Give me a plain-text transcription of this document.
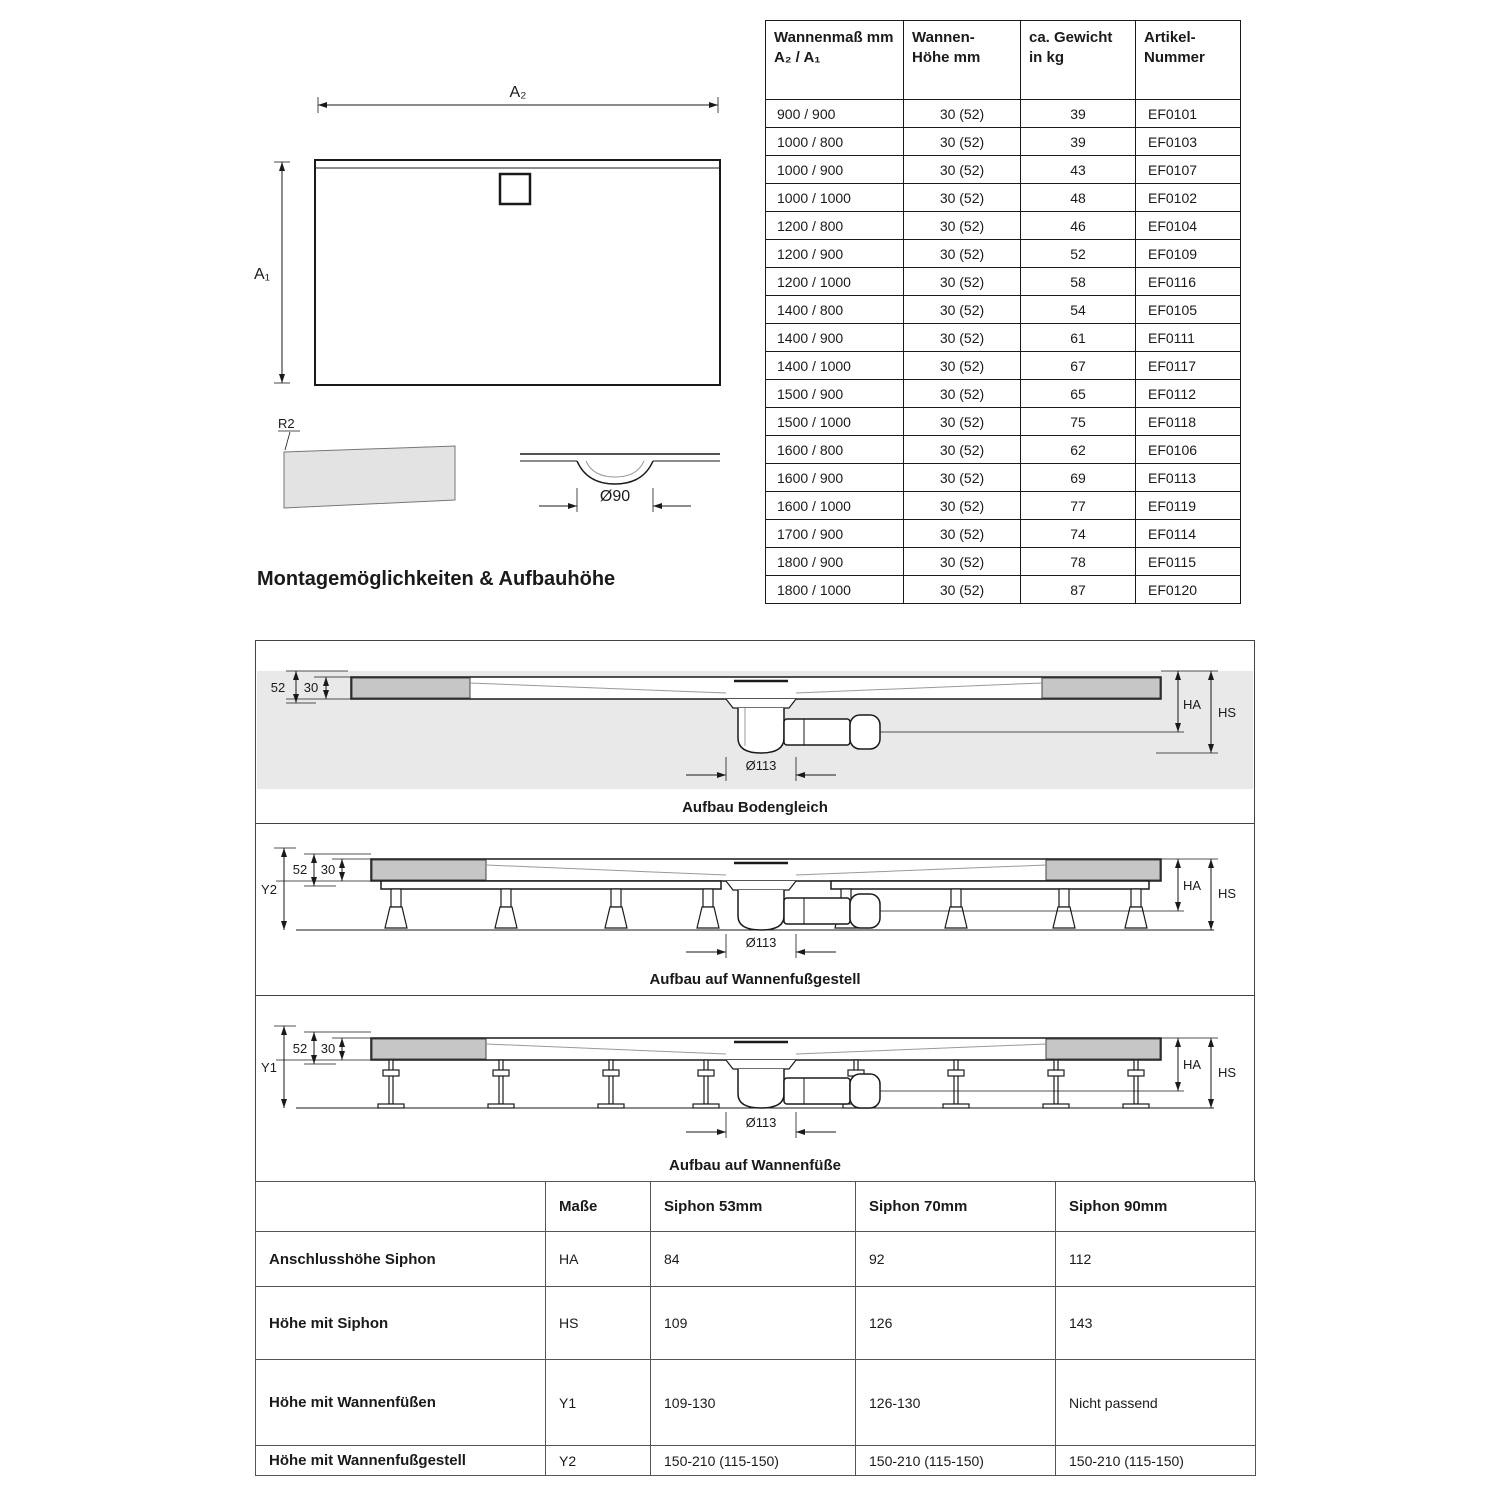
A₂
A₁
R2
Ø90
Montagemöglichkeiten & Aufbauhöhe
Wannenmaß mm A₂ / A₁	Wannen-Höhe mm	ca. Gewicht in kg	Artikel-Nummer
900 / 900	30 (52)	39	EF0101
1000 / 800	30 (52)	39	EF0103
1000 / 900	30 (52)	43	EF0107
1000 / 1000	30 (52)	48	EF0102
1200 / 800	30 (52)	46	EF0104
1200 / 900	30 (52)	52	EF0109
1200 / 1000	30 (52)	58	EF0116
1400 / 800	30 (52)	54	EF0105
1400 / 900	30 (52)	61	EF0111
1400 / 1000	30 (52)	67	EF0117
1500 / 900	30 (52)	65	EF0112
1500 / 1000	30 (52)	75	EF0118
1600 / 800	30 (52)	62	EF0106
1600 / 900	30 (52)	69	EF0113
1600 / 1000	30 (52)	77	EF0119
1700 / 900	30 (52)	74	EF0114
1800 / 900	30 (52)	78	EF0115
1800 / 1000	30 (52)	87	EF0120
52 30
HA
HS
Ø113
Aufbau Bodengleich
Y2
52 30
HA
HS
Ø113
Aufbau auf Wannenfußgestell
Y1
52 30
HA
HS
Ø113
Aufbau auf Wannenfüße
	Maße	Siphon 53mm	Siphon 70mm	Siphon 90mm
Anschlusshöhe Siphon	HA	84	92	112
Höhe mit Siphon	HS	109	126	143
Höhe mit Wannenfüßen	Y1	109-130	126-130	Nicht passend
Höhe mit Wannenfußgestell	Y2	150-210 (115-150)	150-210 (115-150)	150-210 (115-150)
